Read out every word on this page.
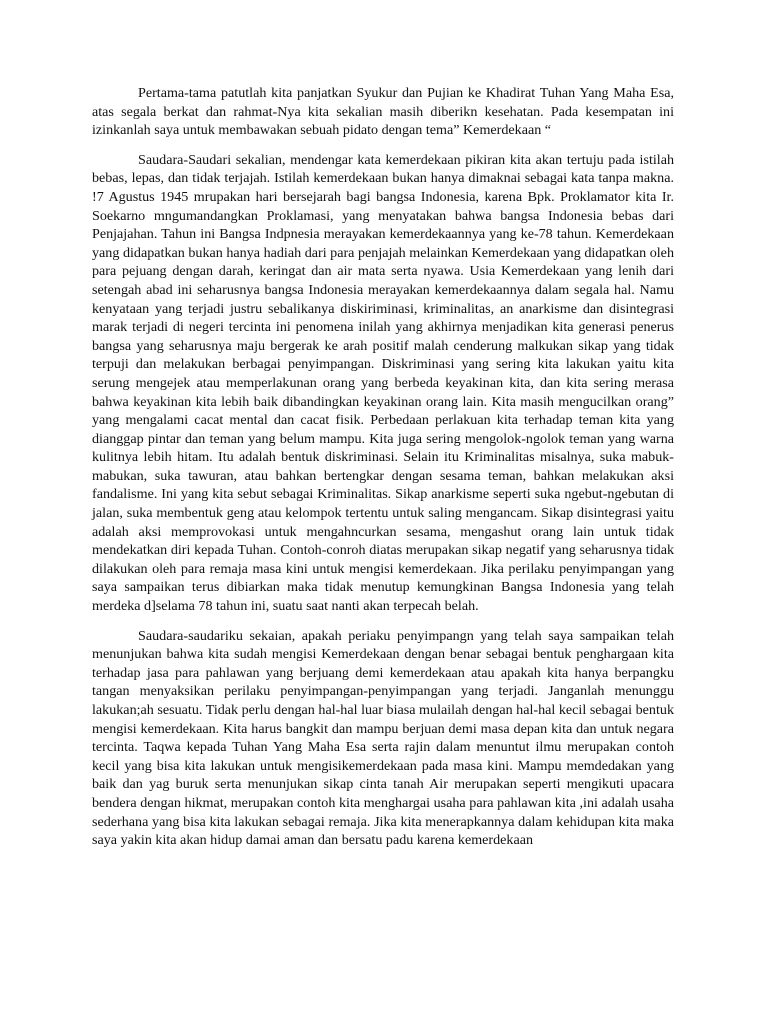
Pertama-tama patutlah kita panjatkan Syukur dan Pujian ke Khadirat Tuhan Yang Maha Esa, atas segala berkat dan rahmat-Nya kita sekalian masih diberikn kesehatan. Pada kesempatan ini izinkanlah saya untuk membawakan sebuah pidato dengan tema” Kemerdekaan “

Saudara-Saudari sekalian, mendengar kata kemerdekaan pikiran kita akan tertuju pada istilah bebas, lepas, dan tidak terjajah. Istilah kemerdekaan bukan hanya dimaknai sebagai kata tanpa makna. !7 Agustus 1945 mrupakan hari bersejarah bagi bangsa Indonesia, karena Bpk. Proklamator kita Ir. Soekarno mngumandangkan Proklamasi, yang menyatakan bahwa bangsa Indonesia bebas dari Penjajahan. Tahun ini Bangsa Indpnesia merayakan kemerdekaannya yang ke-78 tahun. Kemerdekaan yang didapatkan bukan hanya hadiah dari para penjajah melainkan Kemerdekaan yang didapatkan oleh para pejuang dengan darah, keringat dan air mata serta nyawa. Usia Kemerdekaan yang lenih dari setengah abad ini seharusnya bangsa Indonesia merayakan kemerdekaannya dalam segala hal. Namu kenyataan yang terjadi justru sebalikanya diskiriminasi, kriminalitas, an anarkisme dan disintegrasi marak terjadi di negeri tercinta ini penomena inilah yang akhirnya menjadikan kita generasi penerus bangsa yang seharusnya maju bergerak ke arah positif malah cenderung malkukan sikap yang tidak terpuji dan melakukan berbagai penyimpangan. Diskriminasi yang sering kita lakukan yaitu kita serung mengejek atau memperlakunan orang yang berbeda keyakinan kita, dan kita sering merasa bahwa keyakinan kita lebih baik dibandingkan keyakinan orang lain. Kita masih mengucilkan orang” yang mengalami cacat mental dan cacat fisik. Perbedaan perlakuan kita terhadap teman kita yang dianggap pintar dan teman yang belum mampu. Kita juga sering mengolok-ngolok teman yang warna kulitnya lebih hitam. Itu adalah bentuk diskriminasi. Selain itu Kriminalitas misalnya, suka mabuk-mabukan, suka tawuran, atau bahkan bertengkar dengan sesama teman, bahkan melakukan aksi fandalisme. Ini yang kita sebut sebagai Kriminalitas. Sikap anarkisme seperti suka ngebut-ngebutan di jalan, suka membentuk geng atau kelompok tertentu untuk saling mengancam. Sikap disintegrasi yaitu adalah aksi memprovokasi untuk mengahncurkan sesama, mengashut orang lain untuk tidak mendekatkan diri kepada Tuhan. Contoh-conroh diatas merupakan sikap negatif yang seharusnya tidak dilakukan oleh para remaja masa kini untuk mengisi kemerdekaan. Jika perilaku penyimpangan yang saya sampaikan terus dibiarkan maka tidak menutup kemungkinan Bangsa Indonesia yang telah merdeka d]selama 78 tahun ini, suatu saat nanti akan terpecah belah.

Saudara-saudariku sekaian, apakah periaku penyimpangn yang telah saya sampaikan telah menunjukan bahwa kita sudah mengisi Kemerdekaan dengan benar sebagai bentuk penghargaan kita terhadap jasa para pahlawan yang berjuang demi kemerdekaan atau apakah kita hanya berpangku tangan menyaksikan perilaku penyimpangan-penyimpangan yang terjadi. Janganlah menunggu lakukan;ah sesuatu. Tidak perlu dengan hal-hal luar biasa mulailah dengan hal-hal kecil sebagai bentuk mengisi kemerdekaan. Kita harus bangkit dan mampu berjuan demi masa depan kita dan untuk negara tercinta. Taqwa kepada Tuhan Yang Maha Esa serta rajin dalam menuntut ilmu merupakan contoh kecil yang bisa kita lakukan untuk mengisikemerdekaan pada masa kini. Mampu memdedakan yang baik dan yag buruk serta menunjukan sikap cinta tanah Air merupakan seperti mengikuti upacara bendera dengan hikmat, merupakan contoh kita menghargai usaha para pahlawan kita ,ini adalah usaha sederhana yang bisa kita lakukan sebagai remaja. Jika kita menerapkannya dalam kehidupan kita maka saya yakin kita akan hidup damai aman dan bersatu padu karena kemerdekaan
